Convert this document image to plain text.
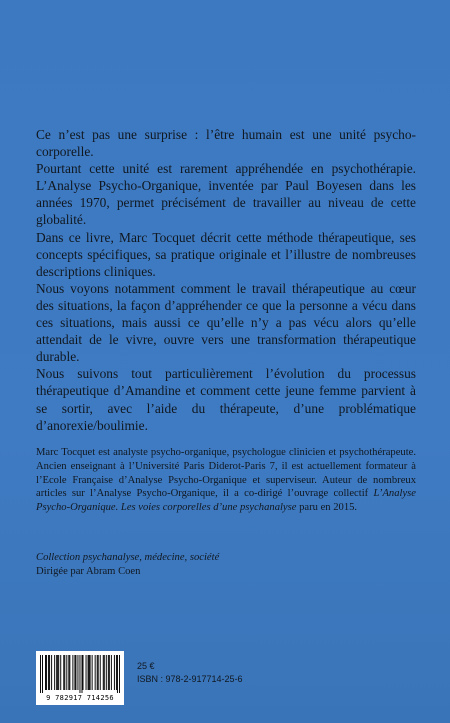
Ce n’est pas une surprise : l’être humain est une unité psycho-corporelle.

Pourtant cette unité est rarement appréhendée en psychothérapie. L’Analyse Psycho-Organique, inventée par Paul Boyesen dans les années 1970, permet précisément de travailler au niveau de cette globalité.

Dans ce livre, Marc Tocquet décrit cette méthode thérapeutique, ses concepts spécifiques, sa pratique originale et l’illustre de nombreuses descriptions cliniques.

Nous voyons notamment comment le travail thérapeutique au cœur des situations, la façon d’appréhender ce que la personne a vécu dans ces situations, mais aussi ce qu’elle n’y a pas vécu alors qu’elle attendait de le vivre, ouvre vers une transformation thérapeutique durable.

Nous suivons tout particulièrement l’évolution du processus thérapeutique d’Amandine et comment cette jeune femme parvient à se sortir, avec l’aide du thérapeute, d’une problématique d’anorexie/boulimie.

Marc Tocquet est analyste psycho-organique, psychologue clinicien et psychothérapeute. Ancien enseignant à l’Université Paris Diderot-Paris 7, il est actuellement formateur à l’Ecole Française d’Analyse Psycho-Organique et superviseur. Auteur de nombreux articles sur l’Analyse Psycho-Organique, il a co-dirigé l’ouvrage collectif L’Analyse Psycho-Organique. Les voies corporelles d’une psychanalyse paru en 2015.

Collection psychanalyse, médecine, société
Dirigée par Abram Coen
9 782917 714256
25 €
ISBN : 978-2-917714-25-6
